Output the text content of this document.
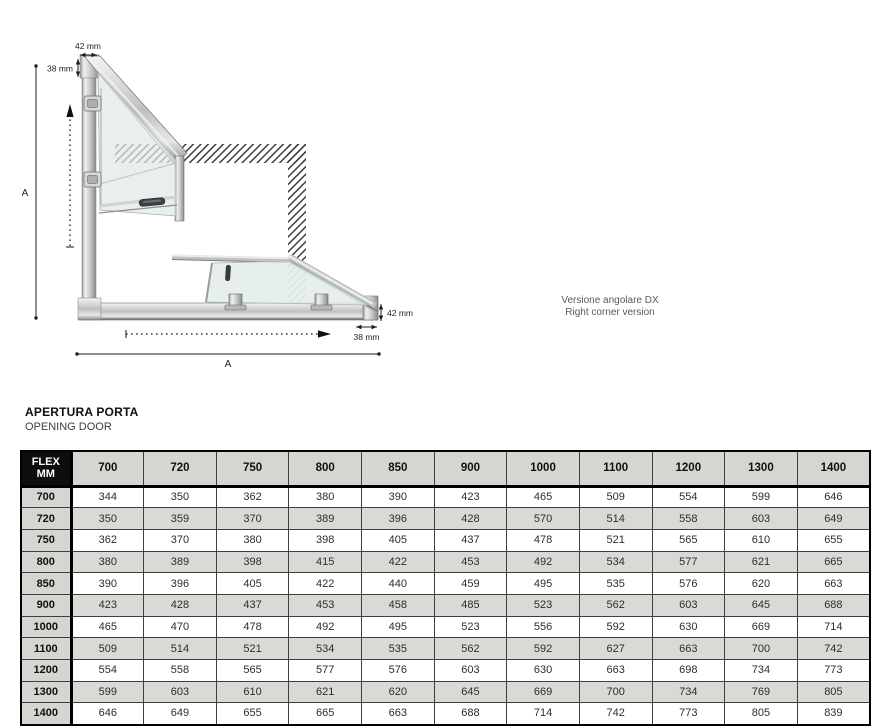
42 mm
38 mm
A
42 mm
38 mm
A
Versione angolare DX
Right corner version
APERTURA PORTA
OPENING DOOR
FLEX
MM	700	720	750	800	850	900	1000	1100	1200	1300	1400
700	344	350	362	380	390	423	465	509	554	599	646
720	350	359	370	389	396	428	570	514	558	603	649
750	362	370	380	398	405	437	478	521	565	610	655
800	380	389	398	415	422	453	492	534	577	621	665
850	390	396	405	422	440	459	495	535	576	620	663
900	423	428	437	453	458	485	523	562	603	645	688
1000	465	470	478	492	495	523	556	592	630	669	714
1100	509	514	521	534	535	562	592	627	663	700	742
1200	554	558	565	577	576	603	630	663	698	734	773
1300	599	603	610	621	620	645	669	700	734	769	805
1400	646	649	655	665	663	688	714	742	773	805	839
